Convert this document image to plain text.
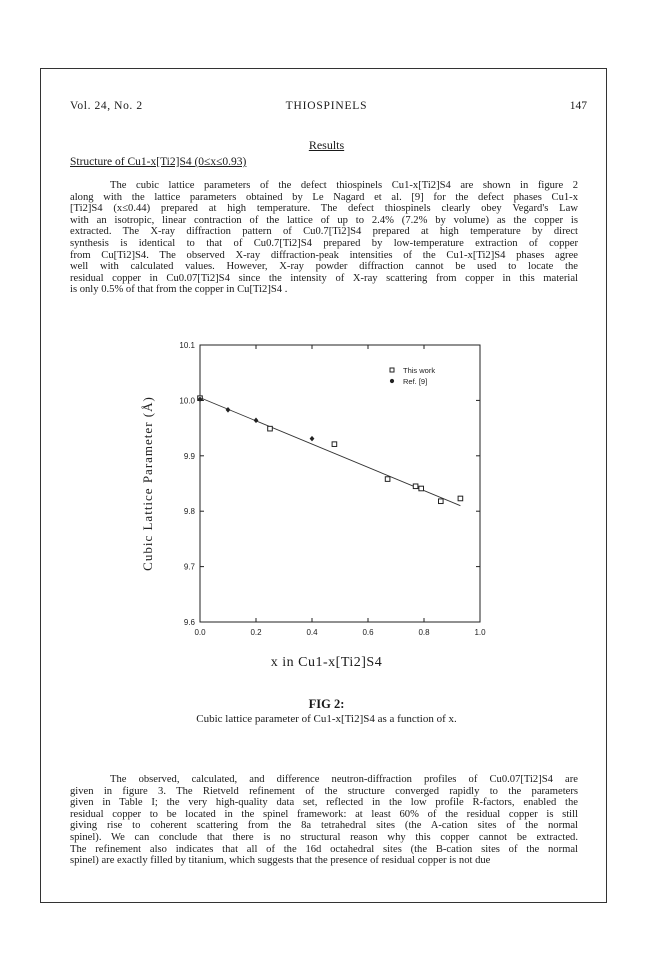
Vol. 24, No. 2	THIOSPINELS	147
Results
Structure of Cu1-x[Ti2]S4 (0≤x≤0.93)
The cubic lattice parameters of the defect thiospinels Cu1-x[Ti2]S4 are shown in figure 2
along with the lattice parameters obtained by Le Nagard et al. [9] for the defect phases Cu1-x
[Ti2]S4 (x≤0.44) prepared at high temperature. The defect thiospinels clearly obey Vegard's Law
with an isotropic, linear contraction of the lattice of up to 2.4% (7.2% by volume) as the copper is
extracted. The X-ray diffraction pattern of Cu0.7[Ti2]S4 prepared at high temperature by direct
synthesis is identical to that of Cu0.7[Ti2]S4 prepared by low-temperature extraction of copper
from Cu[Ti2]S4. The observed X-ray diffraction-peak intensities of the Cu1-x[Ti2]S4 phases agree
well with calculated values. However, X-ray powder diffraction cannot be used to locate the
residual copper in Cu0.07[Ti2]S4 since the intensity of X-ray scattering from copper in this material
is only 0.5% of that from the copper in Cu[Ti2]S4 .
0.0	0.2	0.4	0.6	0.8	1.0
9.6
9.7
9.8
9.9
10.0
10.1
Cubic Lattice Parameter (Å)
This work
Ref. [9]
x in Cu1-x[Ti2]S4
FIG 2:
Cubic lattice parameter of Cu1-x[Ti2]S4 as a function of x.
The observed, calculated, and difference neutron-diffraction profiles of Cu0.07[Ti2]S4 are
given in figure 3. The Rietveld refinement of the structure converged rapidly to the parameters
given in Table I; the very high-quality data set, reflected in the low profile R-factors, enabled the
residual copper to be located in the spinel framework: at least 60% of the residual copper is still
giving rise to coherent scattering from the 8a tetrahedral sites (the A-cation sites of the normal
spinel). We can conclude that there is no structural reason why this copper cannot be extracted.
The refinement also indicates that all of the 16d octahedral sites (the B-cation sites of the normal
spinel) are exactly filled by titanium, which suggests that the presence of residual copper is not due
